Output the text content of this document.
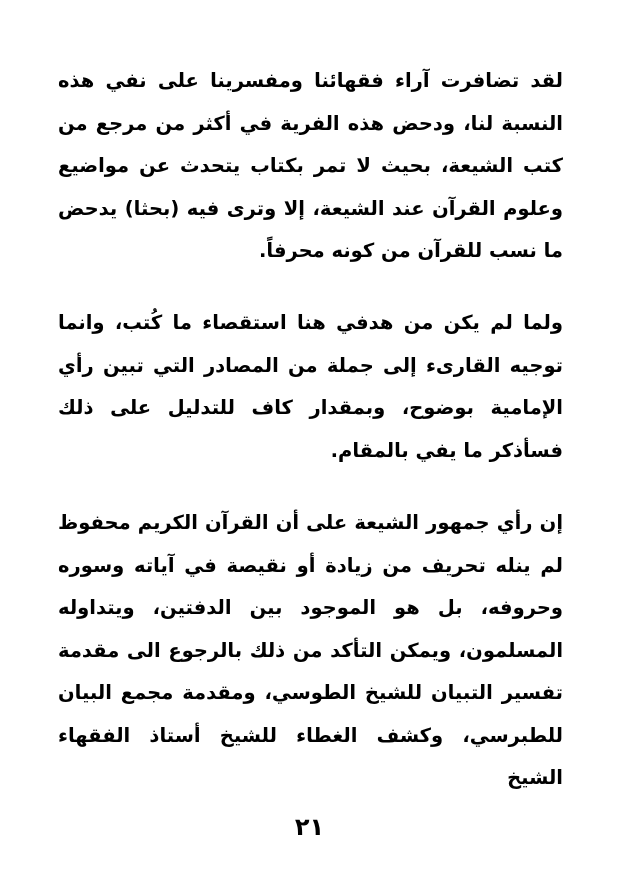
لقد تضافرت آراء فقهائنا ومفسرينا على نفي هذه النسبة لنا، ودحض هذه الفرية في أكثر من مرجع من كتب الشيعة، بحيث لا تمر بكتاب يتحدث عن مواضيع وعلوم القرآن عند الشيعة، إلا وترى فيه (بحثا) يدحض ما نسب للقرآن من كونه محرفاً.

ولما لم يكن من هدفي هنا استقصاء ما كُتب، وانما توجيه القارىء إلى جملة من المصادر التي تبين رأي الإمامية بوضوح، وبمقدار كاف للتدليل على ذلك فسأذكر ما يفي بالمقام.

إن رأي جمهور الشيعة على أن القرآن الكريم محفوظ لم ينله تحريف من زيادة أو نقيصة في آياته وسوره وحروفه، بل هو الموجود بين الدفتين، ويتداوله المسلمون، ويمكن التأكد من ذلك بالرجوع الى مقدمة تفسير التبيان للشيخ الطوسي، ومقدمة مجمع البيان للطبرسي، وكشف الغطاء للشيخ أستاذ الفقهاء الشيخ

٢١
